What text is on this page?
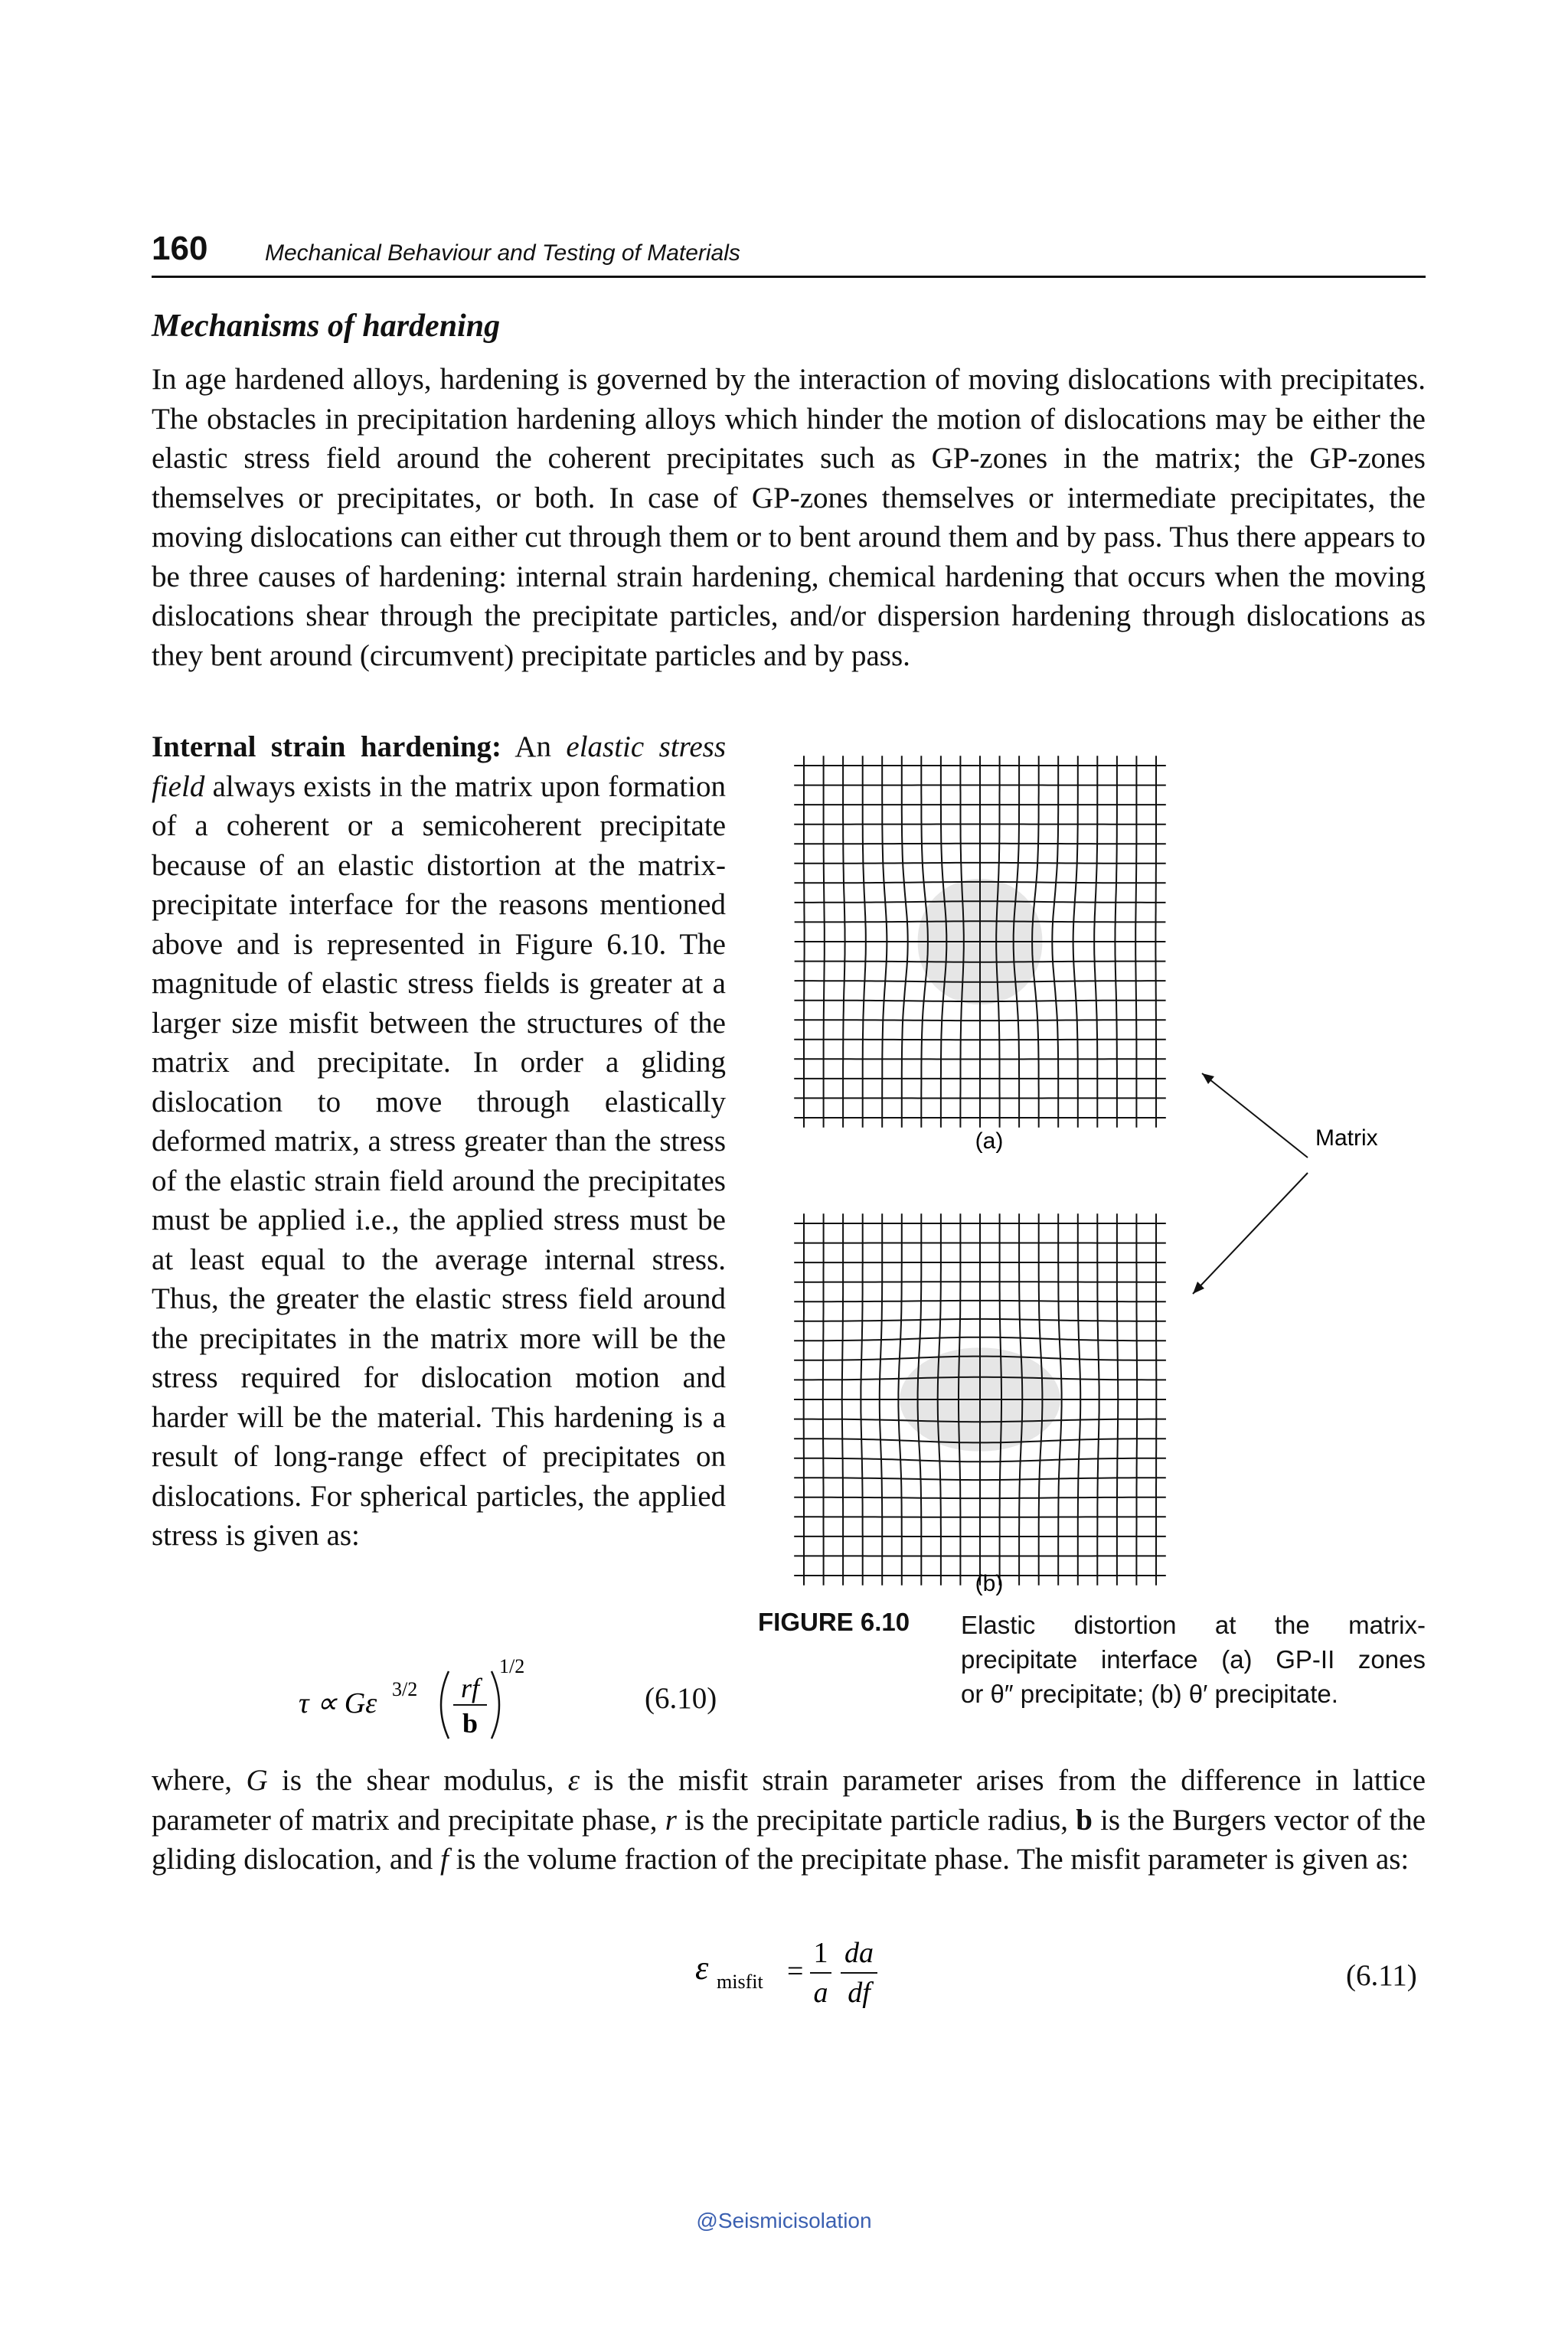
160 Mechanical Behaviour and Testing of Materials
Mechanisms of hardening
In age hardened alloys, hardening is governed by the interaction of moving dislocations with precipitates. The obstacles in precipitation hardening alloys which hinder the motion of dislocations may be either the elastic stress field around the coherent precipitates such as GP-zones in the matrix; the GP-zones themselves or precipitates, or both. In case of GP-zones themselves or intermediate precipitates, the moving dislocations can either cut through them or to bent around them and by pass. Thus there appears to be three causes of hardening: internal strain hardening, chemical hardening that occurs when the moving dislocations shear through the precipitate particles, and/or dispersion hardening through dislocations as they bent around (circumvent) precipitate particles and by pass.
Internal strain hardening: An elastic stress field always exists in the matrix upon formation of a coherent or a semicoherent precipitate because of an elastic distortion at the matrix-precipitate interface for the reasons mentioned above and is represented in Figure 6.10. The magnitude of elastic stress fields is greater at a larger size misfit between the structures of the matrix and precipitate. In order a gliding dislocation to move through elastically deformed matrix, a stress greater than the stress of the elastic strain field around the precipitates must be applied i.e., the applied stress must be at least equal to the average internal stress. Thus, the greater the elastic stress field around the precipitates in the matrix more will be the stress required for dislocation motion and harder will be the material. This hardening is a result of long-range effect of precipitates on dislocations. For spherical particles, the applied stress is given as:
τ ∝ Gε 3/2 rf
b
1/2
(6.10)
(a)
(b)
Matrix
FIGURE 6.10 Elastic distortion at the matrix-
precipitate interface (a) GP-II zones
or θ″ precipitate; (b) θ′ precipitate.
where, G is the shear modulus, ε is the misfit strain parameter arises from the difference in lattice parameter of matrix and precipitate phase, r is the precipitate particle radius, b is the Burgers vector of the gliding dislocation, and f is the volume fraction of the precipitate phase. The misfit parameter is given as:
ε misfit =
1
a
da
df
(6.11)
@Seismicisolation
